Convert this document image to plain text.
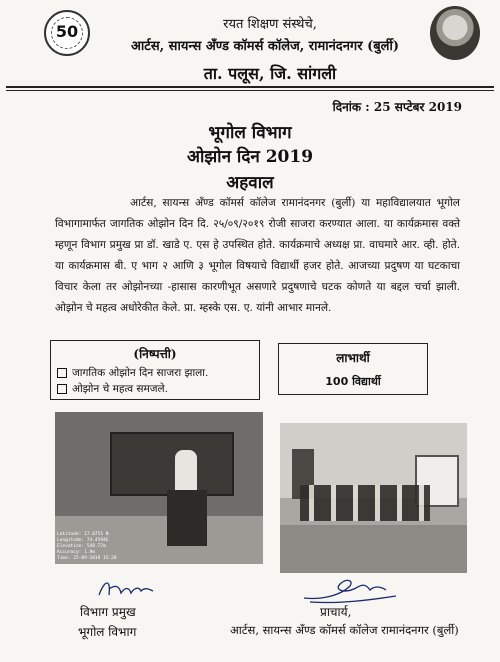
50	रयत शिक्षण संस्थेचे,
आर्टस, सायन्स अँण्ड कॉमर्स कॉलेज, रामानंदनगर (बुर्ली)
ता. पलूस, जि. सांगली
दिनांक : 25 सप्टेबर 2019
भूगोल विभाग
ओझोन दिन 2019
अहवाल
आर्टस, सायन्स अँण्ड कॉमर्स कॉलेज रामानंदनगर (बुर्ली) या महाविद्यालयात भूगोल विभागामार्फत जागतिक ओझोन दिन दि. २५/०९/२०१९ रोजी साजरा करण्यात आला. या कार्यक्रमास वक्ते म्हणून विभाग प्रमुख प्रा डॉ. खाडे ए. एस हे उपस्थित होते. कार्यक्रमाचे अध्यक्ष प्रा. वाघमारे आर. व्ही. होते. या कार्यक्रमास बी. ए भाग २ आणि ३ भूगोल विषयाचे विद्यार्थी हजर होते. आजच्या प्रदुषण या घटकाचा विचार केला तर ओझोनच्या -हासास कारणीभूत असणारे प्रदुषणाचे घटक कोणते या बद्दल चर्चा झाली. ओझोन चे महत्व अधोरेकीत केले. प्रा. म्हस्के एस. ए. यांनी आभार मानले.
(निष्पत्ती)
जागतिक ओझोन दिन साजरा झाला.
ओझोन चे महत्व समजले.
लाभार्थी
100 विद्यार्थी
Latitude: 17.0751 N
Longitude: 74.4594E
Elevation: 548.77m
Accuracy: 1.9m
Time: 25-09-2019 15:28
विभाग प्रमुख
भूगोल विभाग
प्राचार्य,
आर्टस, सायन्स अँण्ड कॉमर्स कॉलेज रामानंदनगर (बुर्ली)
